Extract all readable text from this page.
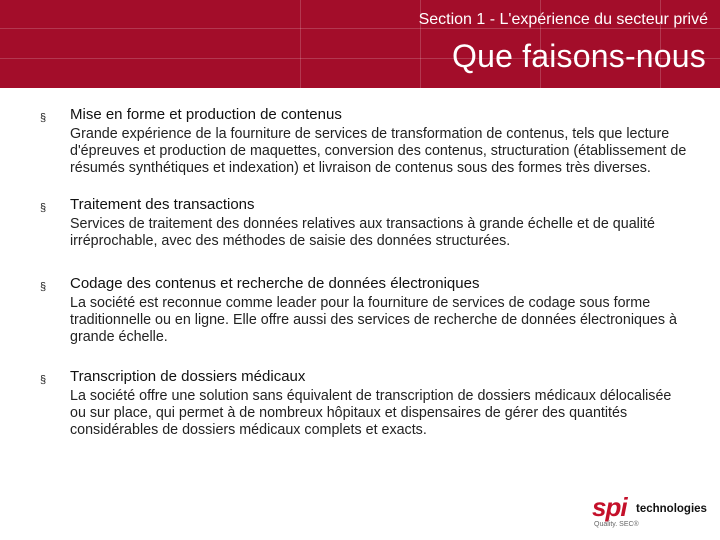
Section 1 - L'expérience du secteur privé
Que faisons-nous
§ Mise en forme et production de contenus
Grande expérience de la fourniture de services de transformation de contenus, tels que lecture d'épreuves et production de maquettes, conversion des contenus, structuration (établissement de résumés synthétiques et indexation) et livraison de contenus sous des formes très diverses.
§ Traitement des transactions
Services de traitement des données relatives aux transactions à grande échelle et de qualité irréprochable, avec des méthodes de saisie des données structurées.
§ Codage des contenus et recherche de données électroniques
La société est reconnue comme leader pour la fourniture de services de codage sous forme traditionnelle ou en ligne. Elle offre aussi des services de recherche de données électroniques à grande échelle.
§ Transcription de dossiers médicaux
La société offre une solution sans équivalent de transcription de dossiers médicaux délocalisée ou sur place, qui permet à de nombreux hôpitaux et dispensaires de gérer des quantités considérables de dossiers médicaux complets et exacts.
spi technologies
Quality. SEC®
